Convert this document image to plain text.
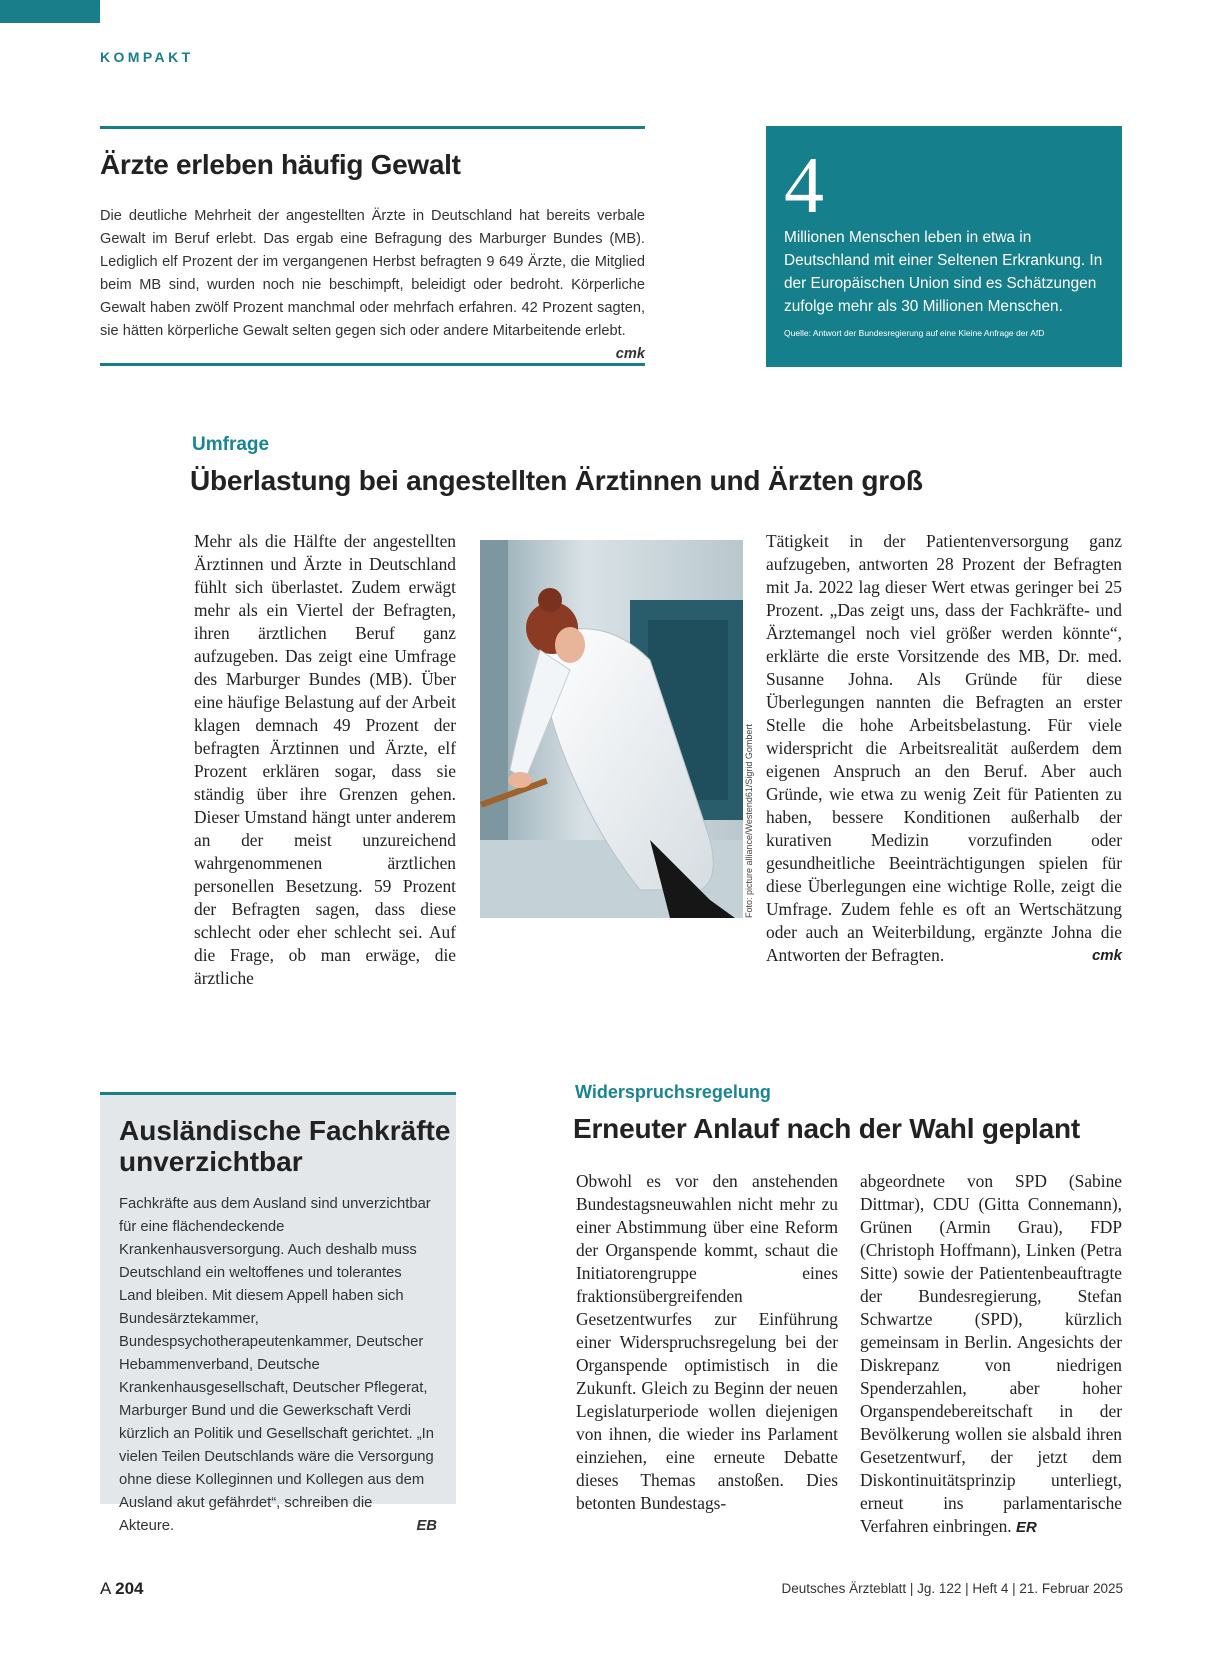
KOMPAKT
Ärzte erleben häufig Gewalt

Die deutliche Mehrheit der angestellten Ärzte in Deutschland hat bereits verbale Gewalt im Beruf erlebt. Das ergab eine Befragung des Marburger Bundes (MB). Lediglich elf Prozent der im vergangenen Herbst befragten 9 649 Ärzte, die Mitglied beim MB sind, wurden noch nie beschimpft, beleidigt oder bedroht. Körperliche Gewalt haben zwölf Prozent manchmal oder mehrfach erfahren. 42 Prozent sagten, sie hätten körperliche Gewalt selten gegen sich oder andere Mitarbeitende erlebt.
cmk

4
Millionen Menschen leben in etwa in Deutschland mit einer Seltenen Erkrankung. In der Europäischen Union sind es Schätzungen zufolge mehr als 30 Millionen Menschen.
Quelle: Antwort der Bundesregierung auf eine Kleine Anfrage der AfD
Umfrage
Überlastung bei angestellten Ärztinnen und Ärzten groß

Mehr als die Hälfte der angestellten Ärztinnen und Ärzte in Deutschland fühlt sich überlastet. Zudem erwägt mehr als ein Viertel der Befragten, ihren ärztlichen Beruf ganz aufzugeben. Das zeigt eine Umfrage des Marburger Bundes (MB). Über eine häufige Belastung auf der Arbeit klagen demnach 49 Prozent der befragten Ärztinnen und Ärzte, elf Prozent erklären sogar, dass sie ständig über ihre Grenzen gehen. Dieser Umstand hängt unter anderem an der meist unzureichend wahrgenommenen ärztlichen personellen Besetzung. 59 Prozent der Befragten sagen, dass diese schlecht oder eher schlecht sei. Auf die Frage, ob man erwäge, die ärztliche

Foto: picture alliance/Westend61/Sigrid Gombert

Tätigkeit in der Patientenversorgung ganz aufzugeben, antworten 28 Prozent der Befragten mit Ja. 2022 lag dieser Wert etwas geringer bei 25 Prozent. „Das zeigt uns, dass der Fachkräfte- und Ärztemangel noch viel größer werden könnte“, erklärte die erste Vorsitzende des MB, Dr. med. Susanne Johna. Als Gründe für diese Überlegungen nannten die Befragten an erster Stelle die hohe Arbeitsbelastung. Für viele widerspricht die Arbeitsrealität außerdem dem eigenen Anspruch an den Beruf. Aber auch Gründe, wie etwa zu wenig Zeit für Patienten zu haben, bessere Konditionen außerhalb der kurativen Medizin vorzufinden oder gesundheitliche Beeinträchtigungen spielen für diese Überlegungen eine wichtige Rolle, zeigt die Umfrage. Zudem fehle es oft an Wertschätzung oder auch an Weiterbildung, ergänzte Johna die Antworten der Befragten.	cmk

Ausländische Fachkräfte
unverzichtbar

Fachkräfte aus dem Ausland sind unverzichtbar für eine flächendeckende Krankenhausversorgung. Auch deshalb muss Deutschland ein weltoffenes und tolerantes Land bleiben. Mit diesem Appell haben sich Bundesärztekammer, Bundespsychotherapeutenkammer, Deutscher Hebammenverband, Deutsche Krankenhausgesellschaft, Deutscher Pflegerat, Marburger Bund und die Gewerkschaft Verdi kürzlich an Politik und Gesellschaft gerichtet. „In vielen Teilen Deutschlands wäre die Versorgung ohne diese Kolleginnen und Kollegen aus dem Ausland akut gefährdet“, schreiben die Akteure.	EB

Widerspruchsregelung
Erneuter Anlauf nach der Wahl geplant

Obwohl es vor den anstehenden Bundestagsneuwahlen nicht mehr zu einer Abstimmung über eine Reform der Organspende kommt, schaut die Initiatorengruppe eines fraktionsübergreifenden Gesetzentwurfes zur Einführung einer Widerspruchsregelung bei der Organspende optimistisch in die Zukunft. Gleich zu Beginn der neuen Legislaturperiode wollen diejenigen von ihnen, die wieder ins Parlament einziehen, eine erneute Debatte dieses Themas anstoßen. Dies betonten Bundestags-

abgeordnete von SPD (Sabine Dittmar), CDU (Gitta Connemann), Grünen (Armin Grau), FDP (Christoph Hoffmann), Linken (Petra Sitte) sowie der Patientenbeauftragte der Bundesregierung, Stefan Schwartze (SPD), kürzlich gemeinsam in Berlin. Angesichts der Diskrepanz von niedrigen Spenderzahlen, aber hoher Organspendebereitschaft in der Bevölkerung wollen sie alsbald ihren Gesetzentwurf, der jetzt dem Diskontinuitätsprinzip unterliegt, erneut ins parlamentarische Verfahren einbringen. ER

A 204	Deutsches Ärzteblatt | Jg. 122 | Heft 4 | 21. Februar 2025
